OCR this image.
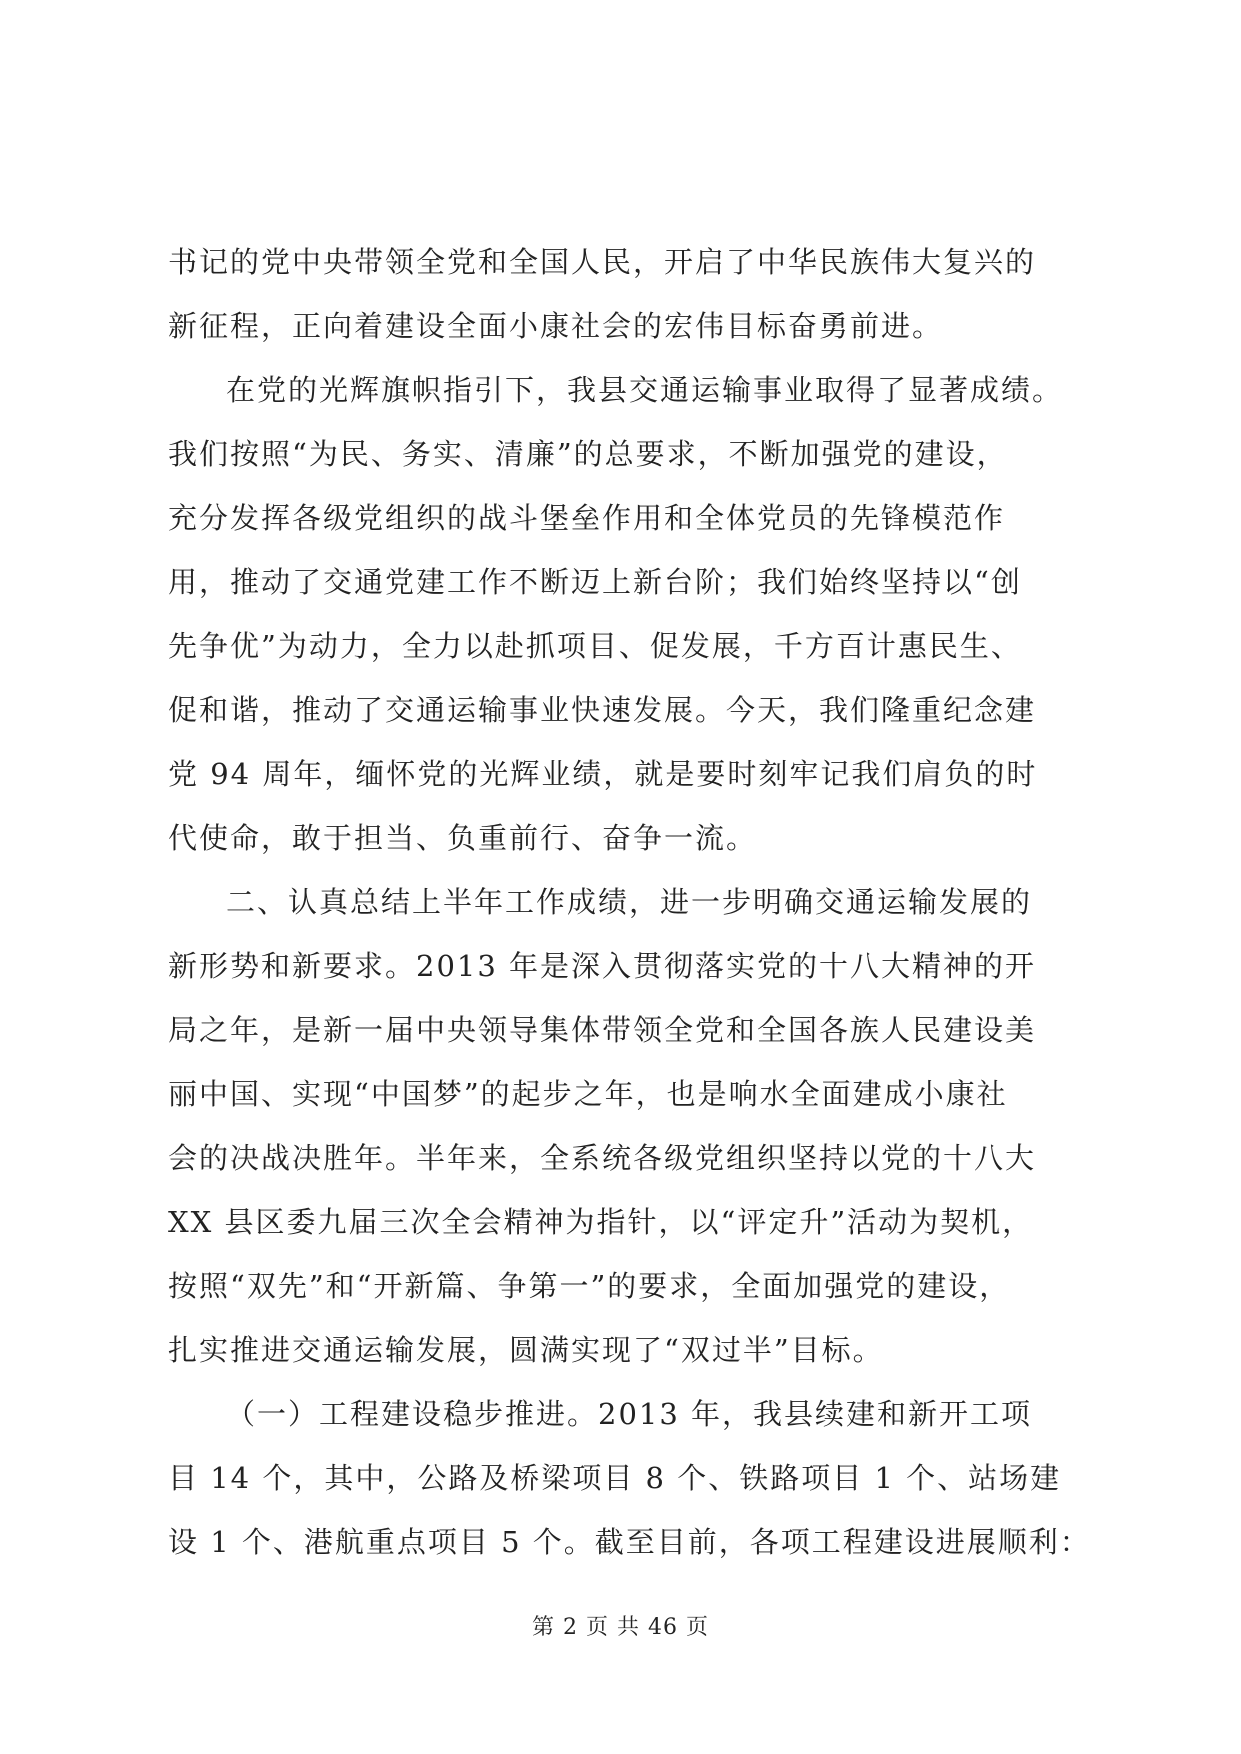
书记的党中央带领全党和全国人民，开启了中华民族伟大复兴的
新征程，正向着建设全面小康社会的宏伟目标奋勇前进。
在党的光辉旗帜指引下，我县交通运输事业取得了显著成绩。
我们按照“为民、务实、清廉”的总要求，不断加强党的建设，
充分发挥各级党组织的战斗堡垒作用和全体党员的先锋模范作
用，推动了交通党建工作不断迈上新台阶；我们始终坚持以“创
先争优”为动力，全力以赴抓项目、促发展，千方百计惠民生、
促和谐，推动了交通运输事业快速发展。今天，我们隆重纪念建
党 94 周年，缅怀党的光辉业绩，就是要时刻牢记我们肩负的时
代使命，敢于担当、负重前行、奋争一流。
二、认真总结上半年工作成绩，进一步明确交通运输发展的
新形势和新要求。2013 年是深入贯彻落实党的十八大精神的开
局之年，是新一届中央领导集体带领全党和全国各族人民建设美
丽中国、实现“中国梦”的起步之年，也是响水全面建成小康社
会的决战决胜年。半年来，全系统各级党组织坚持以党的十八大
XX 县区委九届三次全会精神为指针，以“评定升”活动为契机，
按照“双先”和“开新篇、争第一”的要求，全面加强党的建设，
扎实推进交通运输发展，圆满实现了“双过半”目标。
（一）工程建设稳步推进。2013 年，我县续建和新开工项
目 14 个，其中，公路及桥梁项目 8 个、铁路项目 1 个、站场建
设 1 个、港航重点项目 5 个。截至目前，各项工程建设进展顺利：
第 2 页 共 46 页
